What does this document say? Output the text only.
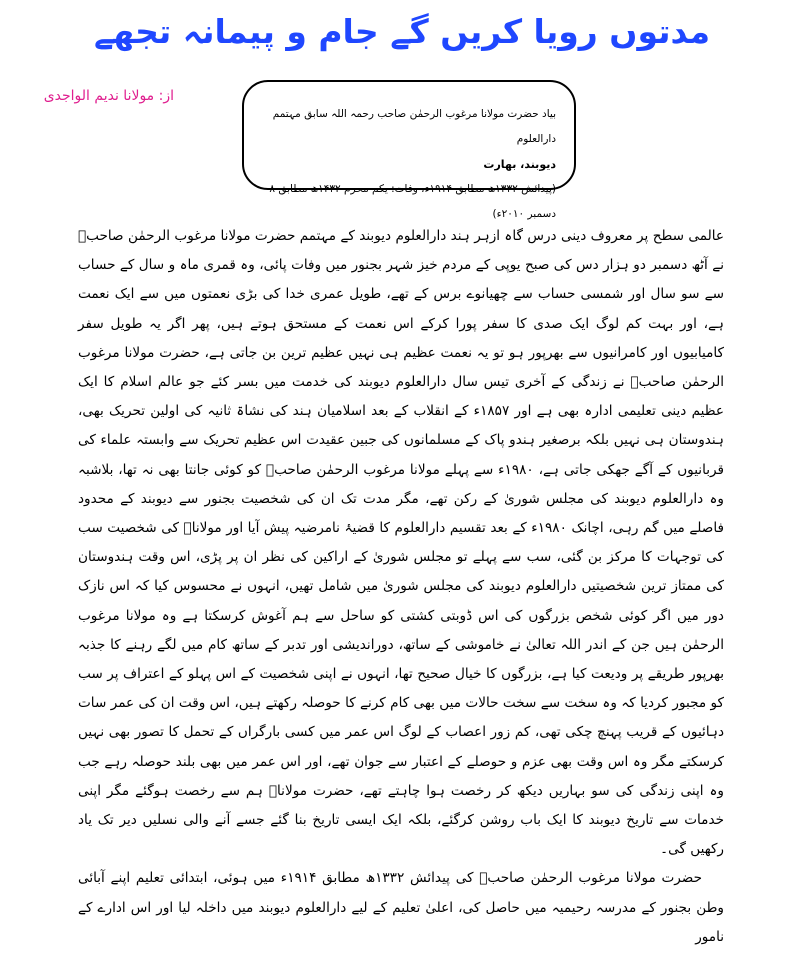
مدتوں رویا کریں گے جام و پیمانہ تجھے
از: مولانا ندیم الواجدی
بیاد حضرت مولانا مرغوب الرحمٰن صاحب رحمہ اللہ سابق مہتمم دارالعلوم
دیوبند، بھارت
(پیدائش ۱۳۳۲ھ مطابق ۱۹۱۴ء، وفات: یکم محرم ۱۴۳۲ھ مطابق ۸ دسمبر ۲۰۱۰ء)

عالمی سطح پر معروف دینی درس گاہ ازہر ہند دارالعلوم دیوبند کے مہتمم حضرت مولانا مرغوب الرحمٰن صاحبؒ نے آٹھ دسمبر دو ہزار دس کی صبح یوپی کے مردم خیز شہر بجنور میں وفات پائی، وہ قمری ماہ و سال کے حساب سے سو سال اور شمسی حساب سے چھیانوے برس کے تھے، طویل عمری خدا کی بڑی نعمتوں میں سے ایک نعمت ہے، اور بہت کم لوگ ایک صدی کا سفر پورا کرکے اس نعمت کے مستحق ہوتے ہیں، پھر اگر یہ طویل سفر کامیابیوں اور کامرانیوں سے بھرپور ہو تو یہ نعمت عظیم ہی نہیں عظیم ترین بن جاتی ہے، حضرت مولانا مرغوب الرحمٰن صاحبؒ نے زندگی کے آخری تیس سال دارالعلوم دیوبند کی خدمت میں بسر کئے جو عالم اسلام کا ایک عظیم دینی تعلیمی ادارہ بھی ہے اور ۱۸۵۷ء کے انقلاب کے بعد اسلامیان ہند کی نشاۃ ثانیہ کی اولین تحریک بھی، ہندوستان ہی نہیں بلکہ برصغیر ہندو پاک کے مسلمانوں کی جبین عقیدت اس عظیم تحریک سے وابستہ علماء کی قربانیوں کے آگے جھکی جاتی ہے، ۱۹۸۰ء سے پہلے مولانا مرغوب الرحمٰن صاحبؒ کو کوئی جانتا بھی نہ تھا، بلاشبہ وہ دارالعلوم دیوبند کی مجلس شوریٰ کے رکن تھے، مگر مدت تک ان کی شخصیت بجنور سے دیوبند کے محدود فاصلے میں گم رہی، اچانک ۱۹۸۰ء کے بعد تقسیم دارالعلوم کا قضیۂ نامرضیہ پیش آیا اور مولاناؒ کی شخصیت سب کی توجہات کا مرکز بن گئی، سب سے پہلے تو مجلس شوریٰ کے اراکین کی نظر ان پر پڑی، اس وقت ہندوستان کی ممتاز ترین شخصیتیں دارالعلوم دیوبند کی مجلس شوریٰ میں شامل تھیں، انہوں نے محسوس کیا کہ اس نازک دور میں اگر کوئی شخص بزرگوں کی اس ڈوبتی کشتی کو ساحل سے ہم آغوش کرسکتا ہے وہ مولانا مرغوب الرحمٰن ہیں جن کے اندر اللہ تعالیٰ نے خاموشی کے ساتھ، دوراندیشی اور تدبر کے ساتھ کام میں لگے رہنے کا جذبہ بھرپور طریقے پر ودیعت کیا ہے، بزرگوں کا خیال صحیح تھا، انہوں نے اپنی شخصیت کے اس پہلو کے اعتراف پر سب کو مجبور کردیا کہ وہ سخت سے سخت حالات میں بھی کام کرنے کا حوصلہ رکھتے ہیں، اس وقت ان کی عمر سات دہائیوں کے قریب پہنچ چکی تھی، کم زور اعصاب کے لوگ اس عمر میں کسی بارگراں کے تحمل کا تصور بھی نہیں کرسکتے مگر وہ اس وقت بھی عزم و حوصلے کے اعتبار سے جوان تھے، اور اس عمر میں بھی بلند حوصلہ رہے جب وہ اپنی زندگی کی سو بہاریں دیکھ کر رخصت ہوا چاہتے تھے، حضرت مولاناؒ ہم سے رخصت ہوگئے مگر اپنی خدمات سے تاریخ دیوبند کا ایک باب روشن کرگئے، بلکہ ایک ایسی تاریخ بنا گئے جسے آنے والی نسلیں دیر تک یاد رکھیں گی۔

حضرت مولانا مرغوب الرحمٰن صاحبؒ کی پیدائش ۱۳۳۲ھ مطابق ۱۹۱۴ء میں ہوئی، ابتدائی تعلیم اپنے آبائی وطن بجنور کے مدرسہ رحیمیہ میں حاصل کی، اعلیٰ تعلیم کے لیے دارالعلوم دیوبند میں داخلہ لیا اور اس ادارے کے نامور
